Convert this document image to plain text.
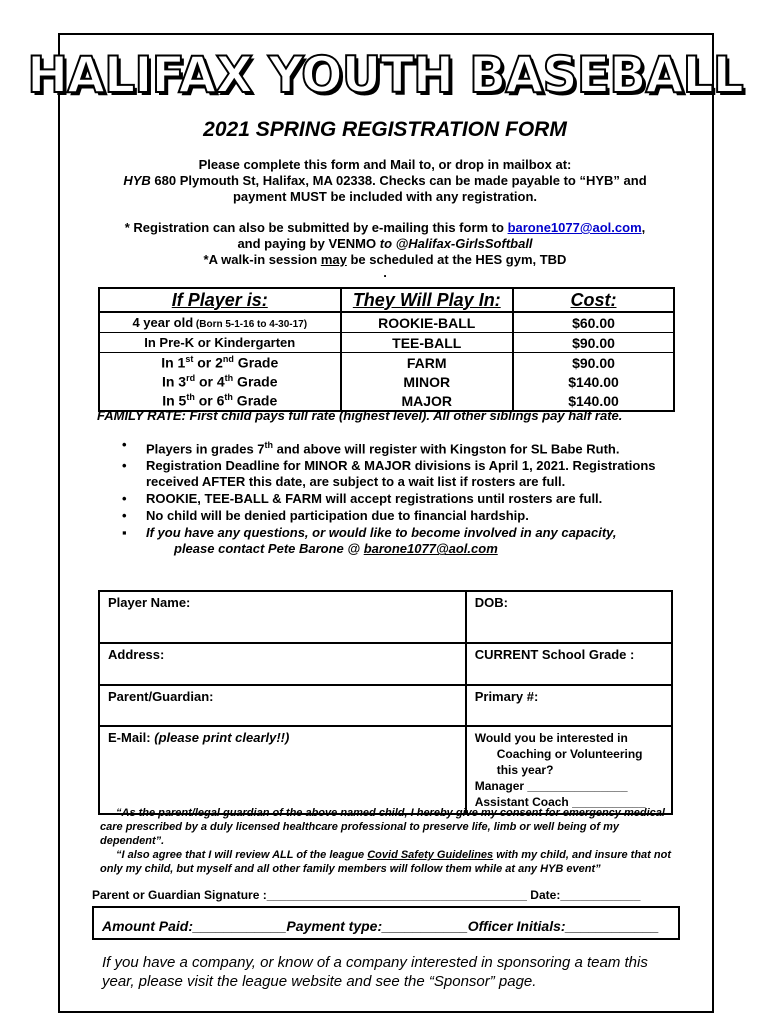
HALIFAX YOUTH BASEBALL
2021 SPRING REGISTRATION FORM
Please complete this form and Mail to, or drop in mailbox at:
HYB 680 Plymouth St, Halifax, MA 02338. Checks can be made payable to “HYB” and payment MUST be included with any registration.
* Registration can also be submitted by e-mailing this form to barone1077@aol.com,
and paying by VENMO to @Halifax-GirlsSoftball
*A walk-in session may be scheduled at the HES gym, TBD
.
If Player is:	They Will Play In:	Cost:
4 year old (Born 5-1-16 to 4-30-17)	ROOKIE-BALL	$60.00
In Pre-K or Kindergarten	TEE-BALL	$90.00
In 1st or 2nd Grade	FARM	$90.00
In 3rd or 4th Grade	MINOR	$140.00
In 5th or 6th Grade	MAJOR	$140.00
FAMILY RATE: First child pays full rate (highest level). All other siblings pay half rate.
• Players in grades 7th and above will register with Kingston for SL Babe Ruth.
• Registration Deadline for MINOR & MAJOR divisions is April 1, 2021. Registrations received AFTER this date, are subject to a wait list if rosters are full.
• ROOKIE, TEE-BALL & FARM will accept registrations until rosters are full.
• No child will be denied participation due to financial hardship.
▪ If you have any questions, or would like to become involved in any capacity,
please contact Pete Barone @ barone1077@aol.com
Player Name:	DOB:
Address:	CURRENT School Grade :
Parent/Guardian:	Primary #:
E-Mail: (please print clearly!!)	Would you be interested in
Coaching or Volunteering
this year?
Manager _______________
Assistant Coach ___________
“As the parent/legal guardian of the above named child, I hereby give my consent for emergency medical care prescribed by a duly licensed healthcare professional to preserve life, limb or well being of my dependent”.
“I also agree that I will review ALL of the league Covid Safety Guidelines with my child, and insure that not only my child, but myself and all other family members will follow them while at any HYB event”
Parent or Guardian Signature :_______________________________________ Date:____________
Amount Paid:____________Payment type:___________Officer Initials:____________
If you have a company, or know of a company interested in sponsoring a team this year, please visit the league website and see the “Sponsor” page.
